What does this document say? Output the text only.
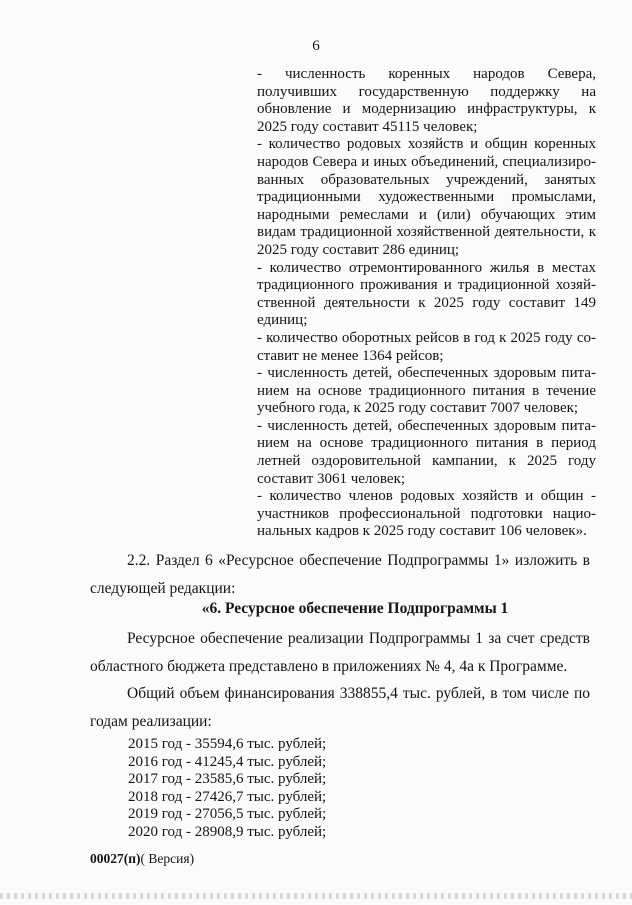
6
- численность коренных народов Севера, получивших государственную поддержку на обновление и модернизацию инфраструктуры, к 2025 году составит 45115 человек;
- количество родовых хозяйств и общин коренных народов Севера и иных объединений, специализированных образовательных учреждений, занятых традиционными художественными промыслами, народными ремеслами и (или) обучающих этим видам традиционной хозяйственной деятельности, к 2025 году составит 286 единиц;
- количество отремонтированного жилья в местах традиционного проживания и традиционной хозяйственной деятельности к 2025 году составит 149 единиц;
- количество оборотных рейсов в год к 2025 году составит не менее 1364 рейсов;
- численность детей, обеспеченных здоровым питанием на основе традиционного питания в течение учебного года, к 2025 году составит 7007 человек;
- численность детей, обеспеченных здоровым питанием на основе традиционного питания в период летней оздоровительной кампании, к 2025 году составит 3061 человек;
- количество членов родовых хозяйств и общин - участников профессиональной подготовки национальных кадров к 2025 году составит 106 человек».
2.2. Раздел 6 «Ресурсное обеспечение Подпрограммы 1» изложить в следующей редакции:
«6. Ресурсное обеспечение Подпрограммы 1
Ресурсное обеспечение реализации Подпрограммы 1 за счет средств областного бюджета представлено в приложениях № 4, 4а к Программе.
Общий объем финансирования 338855,4 тыс. рублей, в том числе по годам реализации:
2015 год - 35594,6 тыс. рублей;
2016 год - 41245,4 тыс. рублей;
2017 год - 23585,6 тыс. рублей;
2018 год - 27426,7 тыс. рублей;
2019 год - 27056,5 тыс. рублей;
2020 год - 28908,9 тыс. рублей;
00027(п)( Версия)
